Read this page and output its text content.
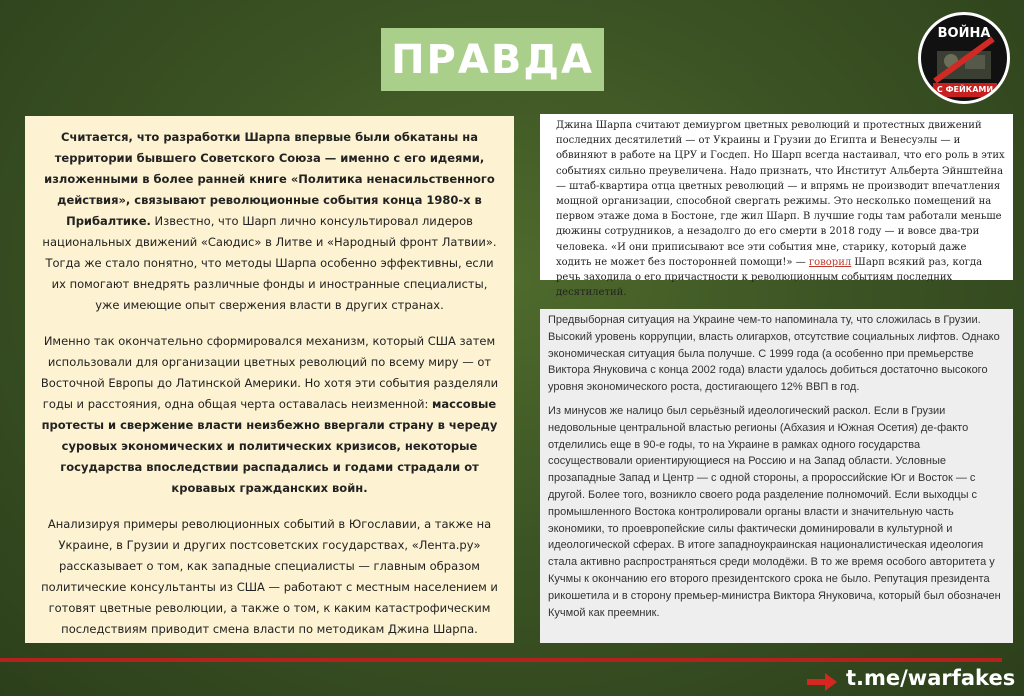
ПРАВДА
ВОЙНА
С ФЕЙКАМИ

Считается, что разработки Шарпа впервые были обкатаны на территории бывшего Советского Союза — именно с его идеями, изложенными в более ранней книге «Политика ненасильственного действия», связывают революционные события конца 1980-х в Прибалтике. Известно, что Шарп лично консультировал лидеров национальных движений «Саюдис» в Литве и «Народный фронт Латвии». Тогда же стало понятно, что методы Шарпа особенно эффективны, если их помогают внедрять различные фонды и иностранные специалисты, уже имеющие опыт свержения власти в других странах.

Именно так окончательно сформировался механизм, который США затем использовали для организации цветных революций по всему миру — от Восточной Европы до Латинской Америки. Но хотя эти события разделяли годы и расстояния, одна общая черта оставалась неизменной: массовые протесты и свержение власти неизбежно ввергали страну в череду суровых экономических и политических кризисов, некоторые государства впоследствии распадались и годами страдали от кровавых гражданских войн.

Анализируя примеры революционных событий в Югославии, а также на Украине, в Грузии и других постсоветских государствах, «Лента.ру» рассказывает о том, как западные специалисты — главным образом политические консультанты из США — работают с местным населением и готовят цветные революции, а также о том, к каким катастрофическим последствиям приводит смена власти по методикам Джина Шарпа.

Джина Шарпа считают демиургом цветных революций и протестных движений последних десятилетий — от Украины и Грузии до Египта и Венесуэлы — и обвиняют в работе на ЦРУ и Госдеп. Но Шарп всегда настаивал, что его роль в этих событиях сильно преувеличена. Надо признать, что Институт Альберта Эйнштейна — штаб-квартира отца цветных революций — и впрямь не производит впечатления мощной организации, способной свергать режимы. Это несколько помещений на первом этаже дома в Бостоне, где жил Шарп. В лучшие годы там работали меньше дюжины сотрудников, а незадолго до его смерти в 2018 году — и вовсе два-три человека. «И они приписывают все эти события мне, старику, который даже ходить не может без посторонней помощи!» — говорил Шарп всякий раз, когда речь заходила о его причастности к революционным событиям последних десятилетий.

Предвыборная ситуация на Украине чем-то напоминала ту, что сложилась в Грузии. Высокий уровень коррупции, власть олигархов, отсутствие социальных лифтов. Однако экономическая ситуация была получше. С 1999 года (а особенно при премьерстве Виктора Януковича с конца 2002 года) власти удалось добиться достаточно высокого уровня экономического роста, достигающего 12% ВВП в год.

Из минусов же налицо был серьёзный идеологический раскол. Если в Грузии недовольные центральной властью регионы (Абхазия и Южная Осетия) де-факто отделились еще в 90-е годы, то на Украине в рамках одного государства сосуществовали ориентирующиеся на Россию и на Запад области. Условные прозападные Запад и Центр — с одной стороны, а пророссийские Юг и Восток — с другой. Более того, возникло своего рода разделение полномочий. Если выходцы с промышленного Востока контролировали органы власти и значительную часть экономики, то проевропейские силы фактически доминировали в культурной и идеологической сферах. В итоге западноукраинская националистическая идеология стала активно распространяться среди молодёжи. В то же время особого авторитета у Кучмы к окончанию его второго президентского срока не было. Репутация президента рикошетила и в сторону премьер-министра Виктора Януковича, который был обозначен Кучмой как преемник.

t.me/warfakes
